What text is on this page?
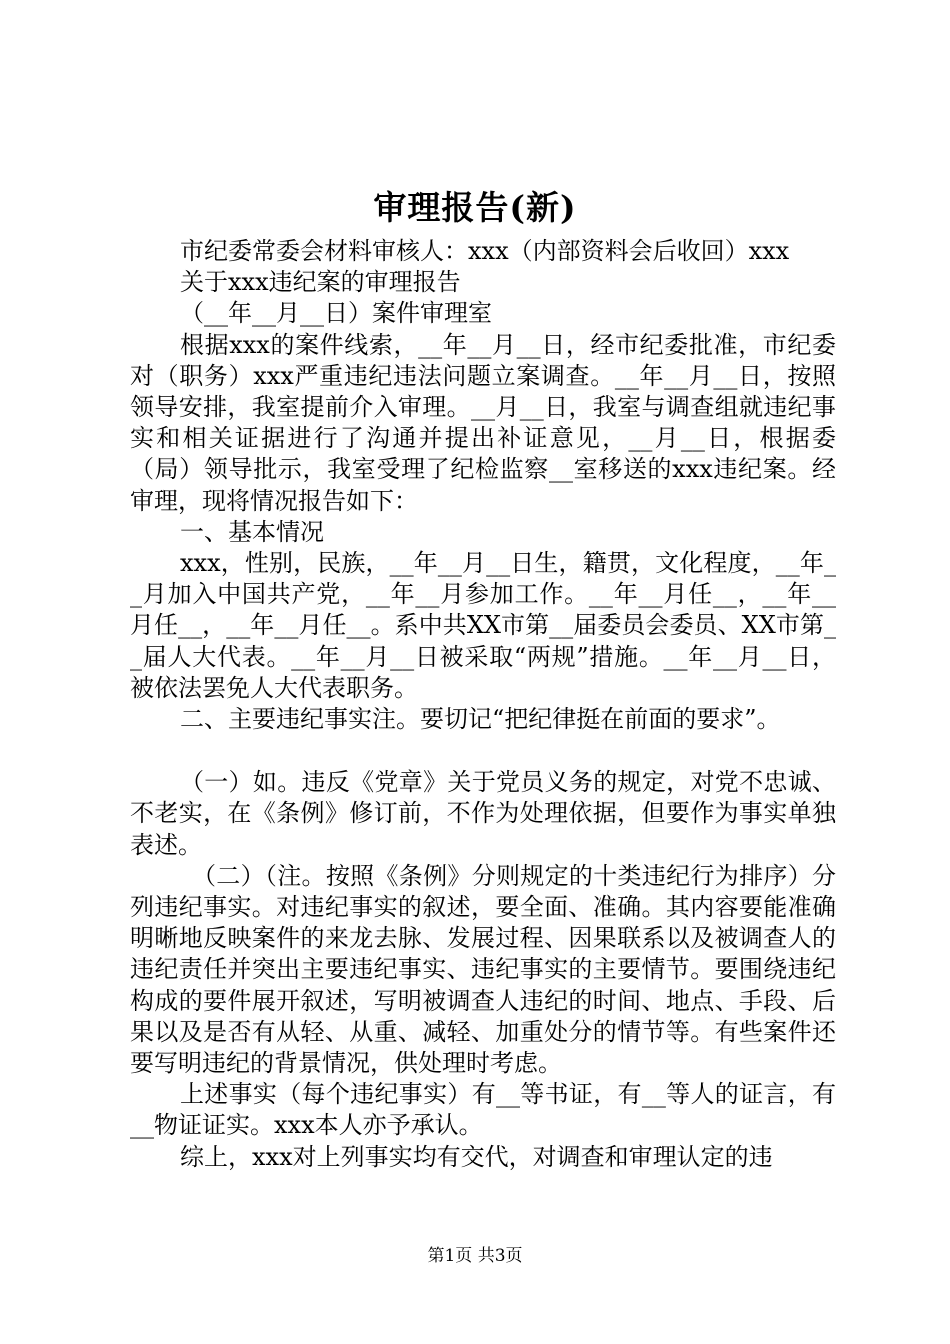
审理报告(新)

市纪委常委会材料审核人：xxx（内部资料会后收回）xxx

关于xxx违纪案的审理报告

（__年__月__日）案件审理室

根据xxx的案件线索，__年__月__日，经市纪委批准，市纪委对（职务）xxx严重违纪违法问题立案调查。__年__月__日，按照领导安排，我室提前介入审理。__月__日，我室与调查组就违纪事实和相关证据进行了沟通并提出补证意见，__月__日，根据委（局）领导批示，我室受理了纪检监察__室移送的xxx违纪案。经审理，现将情况报告如下：

一、基本情况

xxx，性别，民族，__年__月__日生，籍贯，文化程度，__年__月加入中国共产党，__年__月参加工作。__年__月任__，__年__月任__，__年__月任__。系中共XX市第__届委员会委员、XX市第__届人大代表。__年__月__日被采取“两规”措施。__年__月__日，被依法罢免人大代表职务。

二、主要违纪事实注。要切记“把纪律挺在前面的要求”。

（一）如。违反《党章》关于党员义务的规定，对党不忠诚、不老实，在《条例》修订前，不作为处理依据，但要作为事实单独表述。

（二）（注。按照《条例》分则规定的十类违纪行为排序）分列违纪事实。对违纪事实的叙述，要全面、准确。其内容要能准确明晰地反映案件的来龙去脉、发展过程、因果联系以及被调查人的违纪责任并突出主要违纪事实、违纪事实的主要情节。要围绕违纪构成的要件展开叙述，写明被调查人违纪的时间、地点、手段、后果以及是否有从轻、从重、减轻、加重处分的情节等。有些案件还要写明违纪的背景情况，供处理时考虑。

上述事实（每个违纪事实）有__等书证，有__等人的证言，有__物证证实。xxx本人亦予承认。

综上，xxx对上列事实均有交代，对调查和审理认定的违

第1页 共3页
